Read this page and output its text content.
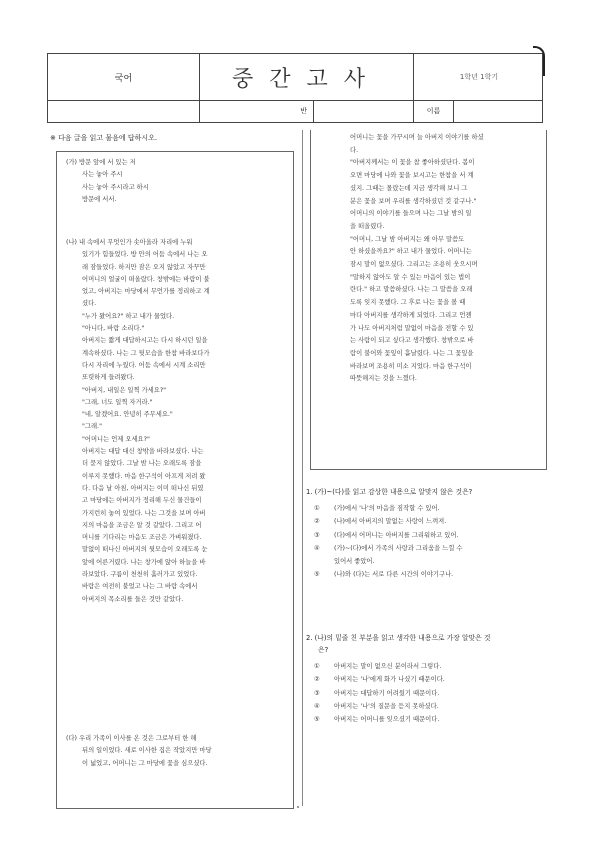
국어	중간고사	1학년 1학기
반	이름
※ 다음 글을 읽고 물음에 답하시오.

(가) 방문 앞에 서 있는 저

사는 놓아 주시

사는 놓아 주시라고 하시

방문에 서서.

(나) 내 속에서 무엇인가 솟아올라 자리에 누워

있기가 힘들었다. 방 안의 어둠 속에서 나는 오

래 잠들었다. 하지만 잠은 오지 않았고 자꾸만

어머니의 얼굴이 떠올랐다. 창밖에는 바람이 불

었고, 아버지는 마당에서 무언가를 정리하고 계

셨다.

"누가 왔어요?" 하고 내가 물었다.

"아니다, 바람 소리다."

아버지는 짧게 대답하시고는 다시 하시던 일을

계속하셨다. 나는 그 뒷모습을 한참 바라보다가

다시 자리에 누웠다. 어둠 속에서 시계 소리만

또렷하게 들려왔다.

"아버지, 내일은 일찍 가세요?"

"그래, 너도 일찍 자거라."

"네, 알겠어요. 안녕히 주무세요."

"그래."

"어머니는 언제 오세요?"

아버지는 대답 대신 창밖을 바라보셨다. 나는

더 묻지 않았다. 그날 밤 나는 오래도록 잠을

이루지 못했다. 마음 한구석이 아프게 저려 왔

다. 다음 날 아침, 아버지는 이미 떠나신 뒤였

고 마당에는 아버지가 정리해 두신 물건들이

가지런히 놓여 있었다. 나는 그것을 보며 아버

지의 마음을 조금은 알 것 같았다. 그리고 어

머니를 기다리는 마음도 조금은 가벼워졌다.

말없이 떠나신 아버지의 뒷모습이 오래도록 눈

앞에 어른거렸다. 나는 창가에 앉아 하늘을 바

라보았다. 구름이 천천히 흘러가고 있었다.

바람은 여전히 불었고 나는 그 바람 속에서

아버지의 목소리를 들은 것만 같았다.

(다) 우리 가족이 이사를 온 것은 그로부터 한 해

뒤의 일이었다. 새로 이사한 집은 작았지만 마당

이 넓었고, 어머니는 그 마당에 꽃을 심으셨다.

어머니는 꽃을 가꾸시며 늘 아버지 이야기를 하셨

다.

"아버지께서는 이 꽃을 참 좋아하셨단다. 봄이

오면 마당에 나와 꽃을 보시고는 한참을 서 계

셨지. 그때는 몰랐는데 지금 생각해 보니 그

분은 꽃을 보며 우리를 생각하셨던 것 같구나."

어머니의 이야기를 들으며 나는 그날 밤의 일

을 떠올렸다.

"어머니, 그날 밤 아버지는 왜 아무 말씀도

안 하셨을까요?" 하고 내가 물었다. 어머니는

잠시 말이 없으셨다. 그리고는 조용히 웃으시며

"말하지 않아도 알 수 있는 마음이 있는 법이

란다." 하고 말씀하셨다. 나는 그 말씀을 오래

도록 잊지 못했다. 그 후로 나는 꽃을 볼 때

마다 아버지를 생각하게 되었다. 그리고 언젠

가 나도 아버지처럼 말없이 마음을 전할 수 있

는 사람이 되고 싶다고 생각했다. 창밖으로 바

람이 불어와 꽃잎이 흩날렸다. 나는 그 꽃잎을

바라보며 조용히 미소 지었다. 마음 한구석이

따뜻해지는 것을 느꼈다.

1. (가)~(다)를 읽고 감상한 내용으로 알맞지 않은 것은?
① (가)에서 '나'의 마음을 짐작할 수 있어.
② (나)에서 아버지의 말없는 사랑이 느껴져.
③ (다)에서 어머니는 아버지를 그리워하고 있어.
④ (가)~(다)에서 가족의 사랑과 그리움을 느낄 수
있어서 좋았어.
⑤ (나)와 (다)는 서로 다른 시간의 이야기구나.
2. (나)의 밑줄 친 부분을 읽고 생각한 내용으로 가장 알맞은 것
은?
① 아버지는 말이 없으신 분이라서 그렇다.
② 아버지는 '나'에게 화가 나셨기 때문이다.
③ 아버지는 대답하기 어려웠기 때문이다.
④ 아버지는 '나'의 질문을 듣지 못하셨다.
⑤ 아버지는 어머니를 잊으셨기 때문이다.
